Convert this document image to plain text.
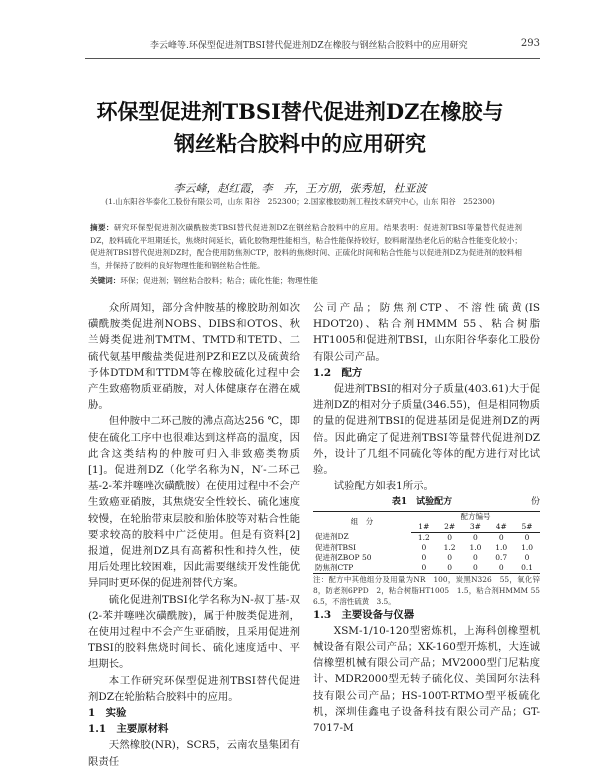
李云峰等.环保型促进剂TBSI替代促进剂DZ在橡胶与钢丝粘合胶料中的应用研究	293
环保型促进剂TBSI替代促进剂DZ在橡胶与
钢丝粘合胶料中的应用研究
李云峰，赵红霞，李　卉，王方朋，张秀旭，杜亚波
(1.山东阳谷华泰化工股份有限公司，山东 阳谷　252300；2.国家橡胶助剂工程技术研究中心，山东 阳谷　252300)
摘要：研究环保型促进剂次磺酰胺类TBSI替代促进剂DZ在钢丝粘合胶料中的应用。结果表明：促进剂TBSI等量替代促进剂DZ，胶料硫化平坦期延长，焦烧时间延长，硫化胶物理性能相当，粘合性能保持较好，胶料耐湿热老化后的粘合性能变化较小；促进剂TBSI替代促进剂DZ时，配合使用防焦剂CTP，胶料的焦烧时间、正硫化时间和粘合性能与以促进剂DZ为促进剂的胶料相当，并保持了胶料的良好物理性能和钢丝粘合性能。
关键词：环保；促进剂；钢丝粘合胶料；粘合；硫化性能；物理性能

众所周知，部分含仲胺基的橡胶助剂如次磺酰胺类促进剂NOBS、DIBS和OTOS、秋兰姆类促进剂TMTM、TMTD和TETD、二硫代氨基甲酸盐类促进剂PZ和EZ以及硫黄给予体DTDM和TTDM等在橡胶硫化过程中会产生致癌物质亚硝胺，对人体健康存在潜在威胁。

但仲胺中二环己胺的沸点高达256 ℃，即使在硫化工序中也很难达到这样高的温度，因此含这类结构的仲胺可归入非致癌类物质[1]。促进剂DZ（化学名称为N，N′-二环己基-2-苯并噻唑次磺酰胺）在使用过程中不会产生致癌亚硝胺，其焦烧安全性较长、硫化速度较慢，在轮胎带束层胶和胎体胶等对粘合性能要求较高的胶料中广泛使用。但是有资料[2]报道，促进剂DZ具有高蓄积性和持久性，使用后处理比较困难，因此需要继续开发性能优异同时更环保的促进剂替代方案。

硫化促进剂TBSI化学名称为N-叔丁基-双(2-苯并噻唑次磺酰胺)，属于仲胺类促进剂，在使用过程中不会产生亚硝胺，且采用促进剂TBSI的胶料焦烧时间长、硫化速度适中、平坦期长。

本工作研究环保型促进剂TBSI替代促进剂DZ在轮胎粘合胶料中的应用。

1　实验

1.1　主要原材料

天然橡胶(NR)，SCR5，云南农垦集团有限责任

公司产品；防焦剂CTP、不溶性硫黄(IS HDOT20)、粘合剂HMMM 55、粘合树脂HT1005和促进剂TBSI，山东阳谷华泰化工股份有限公司产品。

1.2　配方

促进剂TBSI的相对分子质量(403.61)大于促进剂DZ的相对分子质量(346.55)，但是相同物质的量的促进剂TBSI的促进基团是促进剂DZ的两倍。因此确定了促进剂TBSI等量替代促进剂DZ外，设计了几组不同硫化等体的配方进行对比试验。

试验配方如表1所示。

表1　试验配方	份

组　分	配方编号				
	1#	2#	3#	4#	5#
促进剂DZ	1.2	0	0	0	0
促进剂TBSI	0	1.2	1.0	1.0	1.0
促进剂ZBOP 50	0	0	0	0.7	0
防焦剂CTP	0	0	0	0	0.1

注：配方中其他组分及用量为NR　100，炭黑N326　55，氧化锌　8，防老剂6PPD　2，粘合树脂HT1005　1.5，粘合剂HMMM 55　6.5，不溶性硫黄　3.5。

1.3　主要设备与仪器

XSM-1/10-120型密炼机，上海科创橡塑机械设备有限公司产品；XK-160型开炼机，大连诚信橡塑机械有限公司产品；MV2000型门尼粘度计、MDR2000型无转子硫化仪、美国阿尔法科技有限公司产品；HS-100T-RTMO型平板硫化机，深圳佳鑫电子设备科技有限公司产品；GT-7017-M
